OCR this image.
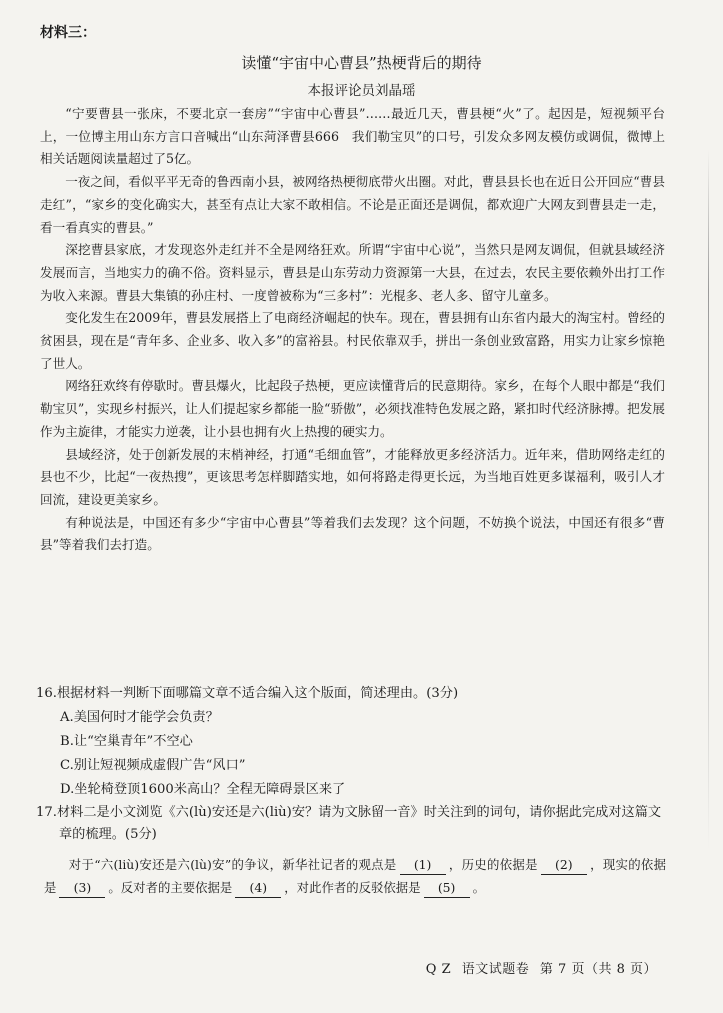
材料三：
读懂“宇宙中心曹县”热梗背后的期待
本报评论员刘晶瑶

“宁要曹县一张床，不要北京一套房”“宇宙中心曹县”……最近几天，曹县梗“火”了。起因是，短视频平台上，一位博主用山东方言口音喊出“山东菏泽曹县666　我们勒宝贝”的口号，引发众多网友模仿或调侃，微博上相关话题阅读量超过了5亿。

一夜之间，看似平平无奇的鲁西南小县，被网络热梗彻底带火出圈。对此，曹县县长也在近日公开回应“曹县走红”，“家乡的变化确实大，甚至有点让大家不敢相信。不论是正面还是调侃，都欢迎广大网友到曹县走一走，看一看真实的曹县。”

深挖曹县家底，才发现恣外走红并不全是网络狂欢。所谓“宇宙中心说”，当然只是网友调侃，但就县域经济发展而言，当地实力的确不俗。资料显示，曹县是山东劳动力资源第一大县，在过去，农民主要依赖外出打工作为收入来源。曹县大集镇的孙庄村、一度曾被称为“三多村”：光棍多、老人多、留守儿童多。

变化发生在2009年，曹县发展搭上了电商经济崛起的快车。现在，曹县拥有山东省内最大的淘宝村。曾经的贫困县，现在是“青年多、企业多、收入多”的富裕县。村民依靠双手，拼出一条创业致富路，用实力让家乡惊艳了世人。

网络狂欢终有停歇时。曹县爆火，比起段子热梗，更应读懂背后的民意期待。家乡，在每个人眼中都是“我们勒宝贝”，实现乡村振兴，让人们提起家乡都能一脸“骄傲”，必须找准特色发展之路，紧扣时代经济脉搏。把发展作为主旋律，才能实力逆袭，让小县也拥有火上热搜的硬实力。

县域经济，处于创新发展的末梢神经，打通“毛细血管”，才能释放更多经济活力。近年来，借助网络走红的县也不少，比起“一夜热搜”，更该思考怎样脚踏实地，如何将路走得更长远，为当地百姓更多谋福利，吸引人才回流，建设更美家乡。

有种说法是，中国还有多少“宇宙中心曹县”等着我们去发现？这个问题，不妨换个说法，中国还有很多“曹县”等着我们去打造。

16.根据材料一判断下面哪篇文章不适合编入这个版面，简述理由。(3分)

A.美国何时才能学会负责？

B.让“空巢青年”不空心

C.别让短视频成虚假广告“风口”

D.坐轮椅登顶1600米高山？全程无障碍景区来了

17.材料二是小文浏览《六(lù)安还是六(liù)安？请为文脉留一音》时关注到的词句，请你据此完成对这篇文章的梳理。(5分)

对于“六(liù)安还是六(lù)安”的争议，新华社记者的观点是 (1) ，历史的依据是 (2) ，现实的依据是 (3) 。反对者的主要依据是 (4) ，对此作者的反驳依据是 (5) 。

Q Z 语文试题卷 第 7 页（共 8 页）
